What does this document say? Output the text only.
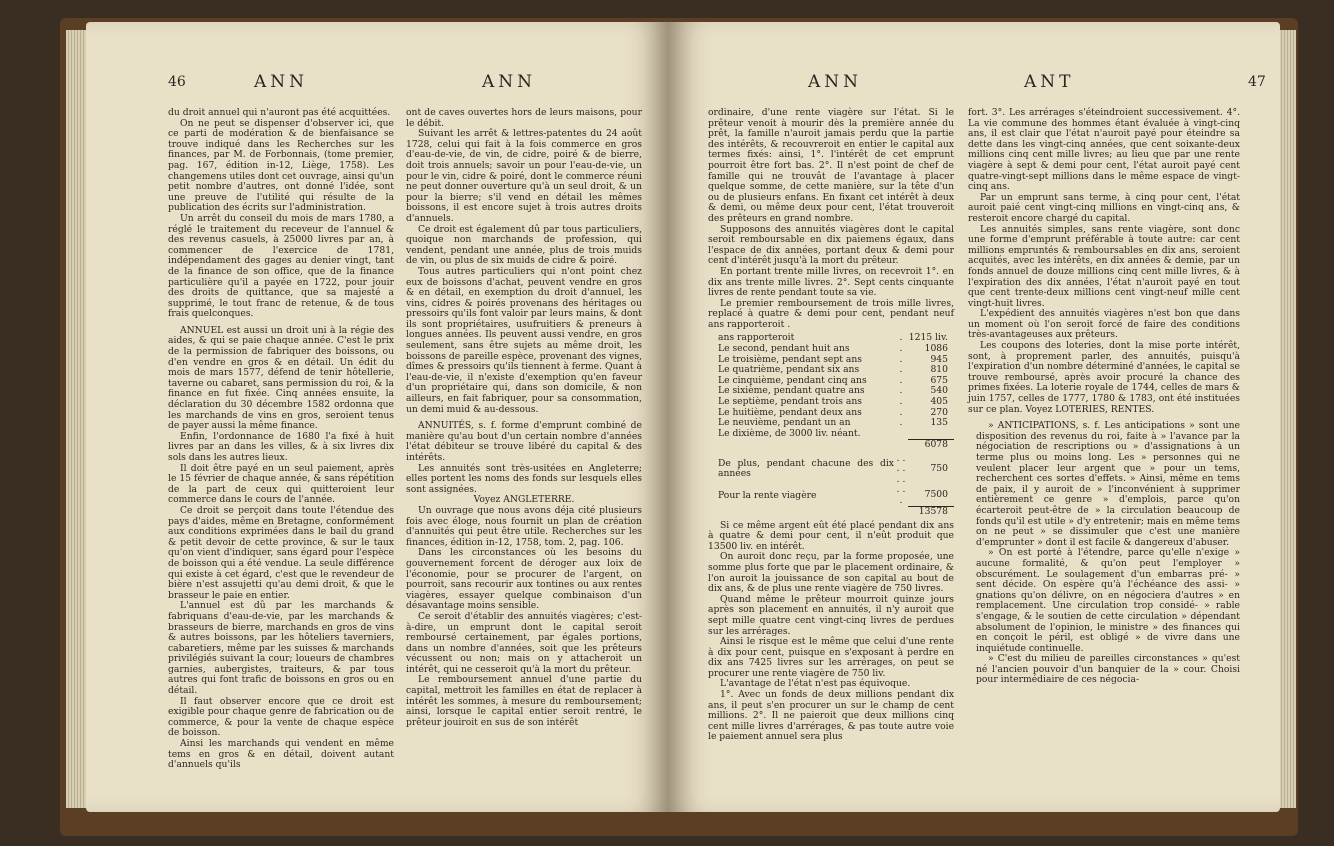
46	ANN	ANN

du droit annuel qui n'auront pas été acquittées.

On ne peut se dispenser d'observer ici, que ce parti de modération & de bienfaisance se trouve indiqué dans les Recherches sur les finances, par M. de Forbonnais, (tome premier, pag. 167, édition in-12, Liège, 1758). Les changemens utiles dont cet ouvrage, ainsi qu'un petit nombre d'autres, ont donné l'idée, sont une preuve de l'utilité qui résulte de la publication des écrits sur l'administration.

Un arrêt du conseil du mois de mars 1780, a réglé le traitement du receveur de l'annuel & des revenus casuels, à 25000 livres par an, à commencer de l'exercice de 1781, indépendament des gages au denier vingt, tant de la finance de son office, que de la finance particulière qu'il a payée en 1722, pour jouir des droits de quittance, que sa majesté a supprimé, le tout franc de retenue, & de tous frais quelconques.

ANNUEL est aussi un droit uni à la régie des aides, & qui se paie chaque année. C'est le prix de la permission de fabriquer des boissons, ou d'en vendre en gros & en détail. Un édit du mois de mars 1577, défend de tenir hôtellerie, taverne ou cabaret, sans permission du roi, & la finance en fut fixée. Cinq années ensuite, la déclaration du 30 décembre 1582 ordonna que les marchands de vins en gros, seroient tenus de payer aussi la même finance.

Enfin, l'ordonnance de 1680 l'a fixé à huit livres par an dans les villes, & à six livres dix sols dans les autres lieux.

Il doit être payé en un seul paiement, après le 15 février de chaque année, & sans répétition de la part de ceux qui quitteroient leur commerce dans le cours de l'année.

Ce droit se perçoit dans toute l'étendue des pays d'aides, même en Bretagne, conformément aux conditions exprimées dans le bail du grand & petit devoir de cette province, & sur le taux qu'on vient d'indiquer, sans égard pour l'espèce de boisson qui a été vendue. La seule différence qui existe à cet égard, c'est que le revendeur de bière n'est assujetti qu'au demi droit, & que le brasseur le paie en entier.

L'annuel est dû par les marchands & fabriquans d'eau-de-vie, par les marchands & brasseurs de bierre, marchands en gros de vins & autres boissons, par les hôteliers taverniers, cabaretiers, même par les suisses & marchands privilégiés suivant la cour; loueurs de chambres garnies, aubergistes, traiteurs, & par tous autres qui font trafic de boissons en gros ou en détail.

Il faut observer encore que ce droit est exigible pour chaque genre de fabrication ou de commerce, & pour la vente de chaque espèce de boisson.

Ainsi les marchands qui vendent en même tems en gros & en détail, doivent autant d'annuels qu'ils

ont de caves ouvertes hors de leurs maisons, pour le débit.

Suivant les arrêt & lettres-patentes du 24 août 1728, celui qui fait à la fois commerce en gros d'eau-de-vie, de vin, de cidre, poiré & de bierre, doit trois annuels; savoir un pour l'eau-de-vie, un pour le vin, cidre & poiré, dont le commerce réuni ne peut donner ouverture qu'à un seul droit, & un pour la bierre; s'il vend en détail les mêmes boissons, il est encore sujet à trois autres droits d'annuels.

Ce droit est également dû par tous particuliers, quoique non marchands de profession, qui vendent, pendant une année, plus de trois muids de vin, ou plus de six muids de cidre & poiré.

Tous autres particuliers qui n'ont point chez eux de boissons d'achat, peuvent vendre en gros & en détail, en exemption du droit d'annuel, les vins, cidres & poirés provenans des héritages ou pressoirs qu'ils font valoir par leurs mains, & dont ils sont propriétaires, usufruitiers & preneurs à longues années. Ils peuvent aussi vendre, en gros seulement, sans être sujets au même droit, les boissons de pareille espèce, provenant des vignes, dîmes & pressoirs qu'ils tiennent à ferme. Quant à l'eau-de-vie, il n'existe d'exemption qu'en faveur d'un propriétaire qui, dans son domicile, & non ailleurs, en fait fabriquer, pour sa consommation, un demi muid & au-dessous.

ANNUITÉS, s. f. forme d'emprunt combiné de manière qu'au bout d'un certain nombre d'années l'état débiteur se trouve libéré du capital & des intérêts.

Les annuités sont très-usitées en Angleterre; elles portent les noms des fonds sur lesquels elles sont assignées.

Voyez ANGLETERRE.

Un ouvrage que nous avons déja cité plusieurs fois avec éloge, nous fournit un plan de création d'annuités qui peut être utile. Recherches sur les finances, édition in-12, 1758, tom. 2, pag. 106.

Dans les circonstances où les besoins du gouvernement forcent de déroger aux loix de l'économie, pour se procurer de l'argent, on pourroit, sans recourir aux tontines ou aux rentes viagères, essayer quelque combinaison d'un désavantage moins sensible.

Ce seroit d'établir des annuités viagères; c'est-à-dire, un emprunt dont le capital seroit remboursé certainement, par égales portions, dans un nombre d'années, soit que les prêteurs vécussent ou non; mais on y attacheroit un intérêt, qui ne cesseroit qu'à la mort du prêteur.

Le remboursement annuel d'une partie du capital, mettroit les familles en état de replacer à intérêt les sommes, à mesure du remboursement; ainsi, lorsque le capital entier seroit rentré, le prêteur jouiroit en sus de son intérêt

ANN	ANT	47

ordinaire, d'une rente viagère sur l'état. Si le prêteur venoit à mourir dès la première année du prêt, la famille n'auroit jamais perdu que la partie des intérêts, & recouvreroit en entier le capital aux termes fixés: ainsi, 1°. l'intérêt de cet emprunt pourroit être fort bas. 2°. Il n'est point de chef de famille qui ne trouvât de l'avantage à placer quelque somme, de cette manière, sur la tête d'un ou de plusieurs enfans. En fixant cet intérêt à deux & demi, ou même deux pour cent, l'état trouveroit des prêteurs en grand nombre.

Supposons des annuités viagères dont le capital seroit remboursable en dix paiemens égaux, dans l'espace de dix années, portant deux & demi pour cent d'intérêt jusqu'à la mort du prêteur.

En portant trente mille livres, on recevroit 1°. en dix ans trente mille livres. 2°. Sept cents cinquante livres de rente pendant toute sa vie.

Le premier remboursement de trois mille livres, replacé à quatre & demi pour cent, pendant neuf ans rapporteroit .

ans rapporteroit	.	1215 liv.
Le second, pendant huit ans	.	1086
Le troisième, pendant sept ans	.	945
Le quatrième, pendant six ans	.	810
Le cinquième, pendant cinq ans	.	675
Le sixième, pendant quatre ans	.	540
Le septième, pendant trois ans	.	405
Le huitième, pendant deux ans	.	270
Le neuvième, pendant un an	.	135
Le dixième, de 3000 liv. néant.		
		6078
De plus, pendant chacune des dix années	. . . . . .	750
Pour la rente viagère	. . .	7500
		13578

Si ce même argent eût été placé pendant dix ans à quatre & demi pour cent, il n'eût produit que 13500 liv. en intérêt.

On auroit donc reçu, par la forme proposée, une somme plus forte que par le placement ordinaire, & l'on auroit la jouissance de son capital au bout de dix ans, & de plus une rente viagère de 750 livres.

Quand même le prêteur mourroit quinze jours après son placement en annuités, il n'y auroit que sept mille quatre cent vingt-cinq livres de perdues sur les arrérages.

Ainsi le risque est le même que celui d'une rente à dix pour cent, puisque en s'exposant à perdre en dix ans 7425 livres sur les arrérages, on peut se procurer une rente viagère de 750 liv.

L'avantage de l'état n'est pas équivoque.

1°. Avec un fonds de deux millions pendant dix ans, il peut s'en procurer un sur le champ de cent millions. 2°. Il ne paieroit que deux millions cinq cent mille livres d'arrérages, & pas toute autre voie le paiement annuel sera plus

fort. 3°. Les arrérages s'éteindroient successivement. 4°. La vie commune des hommes étant évaluée à vingt-cinq ans, il est clair que l'état n'auroit payé pour éteindre sa dette dans les vingt-cinq années, que cent soixante-deux millions cinq cent mille livres; au lieu que par une rente viagère à sept & demi pour cent, l'état auroit payé cent quatre-vingt-sept millions dans le même espace de vingt-cinq ans.

Par un emprunt sans terme, à cinq pour cent, l'état auroit paié cent vingt-cinq millions en vingt-cinq ans, & resteroit encore chargé du capital.

Les annuités simples, sans rente viagère, sont donc une forme d'emprunt préférable à toute autre: car cent millions empruntés & remboursables en dix ans, seroient acquités, avec les intérêts, en dix années & demie, par un fonds annuel de douze millions cinq cent mille livres, & à l'expiration des dix années, l'état n'auroit payé en tout que cent trente-deux millions cent vingt-neuf mille cent vingt-huit livres.

L'expédient des annuités viagères n'est bon que dans un moment où l'on seroit forcé de faire des conditions très-avantageuses aux prêteurs.

Les coupons des loteries, dont la mise porte intérêt, sont, à proprement parler, des annuités, puisqu'à l'expiration d'un nombre déterminé d'années, le capital se trouve remboursé, après avoir procuré la chance des primes fixées. La loterie royale de 1744, celles de mars & juin 1757, celles de 1777, 1780 & 1783, ont été instituées sur ce plan. Voyez LOTERIES, RENTES.

» ANTICIPATIONS, s. f. Les anticipations » sont une disposition des revenus du roi, faite à » l'avance par la négociation de rescriptions ou » d'assignations à un terme plus ou moins long. Les » personnes qui ne veulent placer leur argent que » pour un tems, recherchent ces sortes d'effets. » Ainsi, même en tems de paix, il y auroit de » l'inconvénient à supprimer entièrement ce genre » d'emplois, parce qu'on écarteroit peut-être de » la circulation beaucoup de fonds qu'il est utile » d'y entretenir; mais en même tems on ne peut » se dissimuler que c'est une manière d'emprunter » dont il est facile & dangereux d'abuser.

» On est porté à l'étendre, parce qu'elle n'exige » aucune formalité, & qu'on peut l'employer » obscurément. Le soulagement d'un embarras pré- » sent décide. On espère qu'à l'échéance des assi- » gnations qu'on délivre, on en négociera d'autres » en remplacement. Une circulation trop considé- » rable s'engage, & le soutien de cette circulation » dépendant absolument de l'opinion, le ministre » des finances qui en conçoit le péril, est obligé » de vivre dans une inquiétude continuelle.

» C'est du milieu de pareilles circonstances » qu'est né l'ancien pouvoir d'un banquier de la » cour. Choisi pour intermédiaire de ces négocia-
